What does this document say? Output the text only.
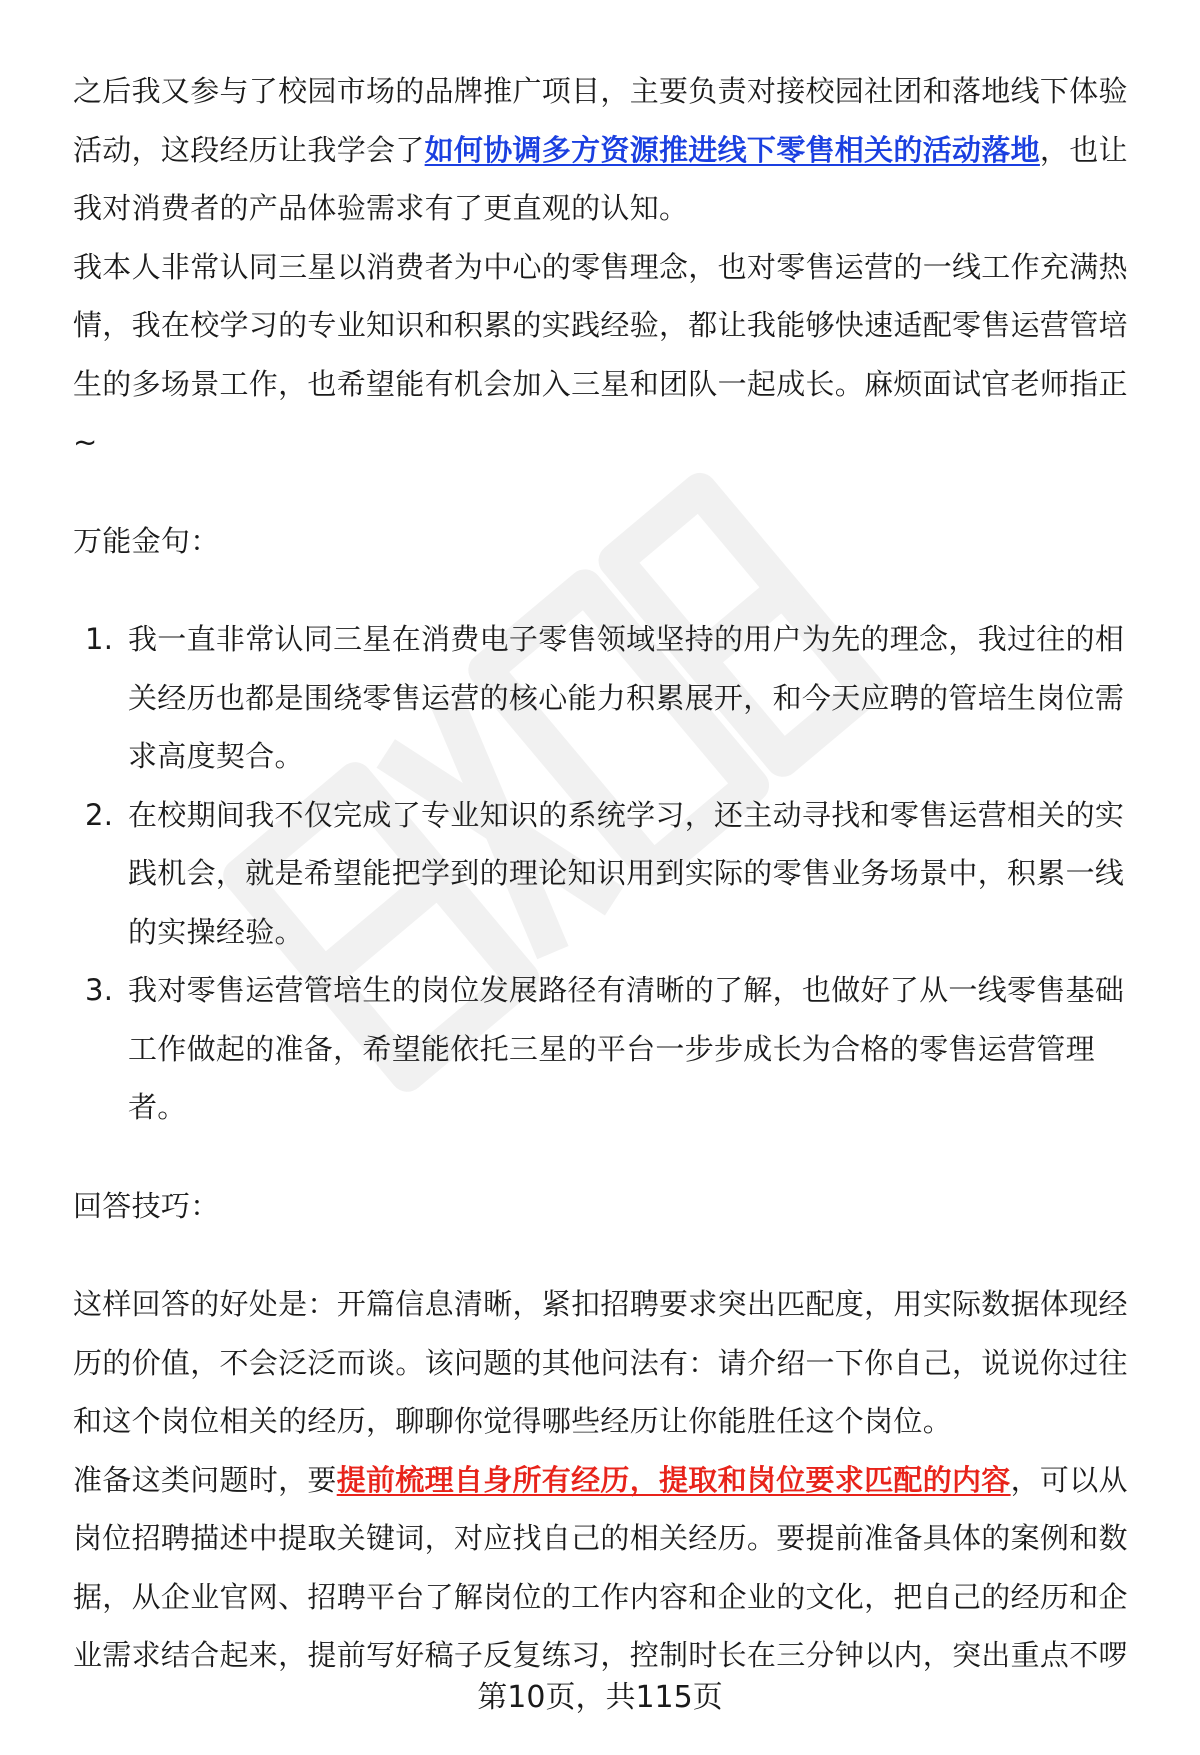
之后我又参与了校园市场的品牌推广项目，主要负责对接校园社团和落地线下体验活动，这段经历让我学会了如何协调多方资源推进线下零售相关的活动落地，也让我对消费者的产品体验需求有了更直观的认知。

我本人非常认同三星以消费者为中心的零售理念，也对零售运营的一线工作充满热情，我在校学习的专业知识和积累的实践经验，都让我能够快速适配零售运营管培生的多场景工作，也希望能有机会加入三星和团队一起成长。麻烦面试官老师指正~

万能金句：

1. 我一直非常认同三星在消费电子零售领域坚持的用户为先的理念，我过往的相关经历也都是围绕零售运营的核心能力积累展开，和今天应聘的管培生岗位需求高度契合。
2. 在校期间我不仅完成了专业知识的系统学习，还主动寻找和零售运营相关的实践机会，就是希望能把学到的理论知识用到实际的零售业务场景中，积累一线的实操经验。
3. 我对零售运营管培生的岗位发展路径有清晰的了解，也做好了从一线零售基础工作做起的准备，希望能依托三星的平台一步步成长为合格的零售运营管理者。

回答技巧：

这样回答的好处是：开篇信息清晰，紧扣招聘要求突出匹配度，用实际数据体现经历的价值，不会泛泛而谈。该问题的其他问法有：请介绍一下你自己，说说你过往和这个岗位相关的经历，聊聊你觉得哪些经历让你能胜任这个岗位。

准备这类问题时，要提前梳理自身所有经历，提取和岗位要求匹配的内容，可以从岗位招聘描述中提取关键词，对应找自己的相关经历。要提前准备具体的案例和数据，从企业官网、招聘平台了解岗位的工作内容和企业的文化，把自己的经历和企业需求结合起来，提前写好稿子反复练习，控制时长在三分钟以内，突出重点不啰

第10页，共115页
